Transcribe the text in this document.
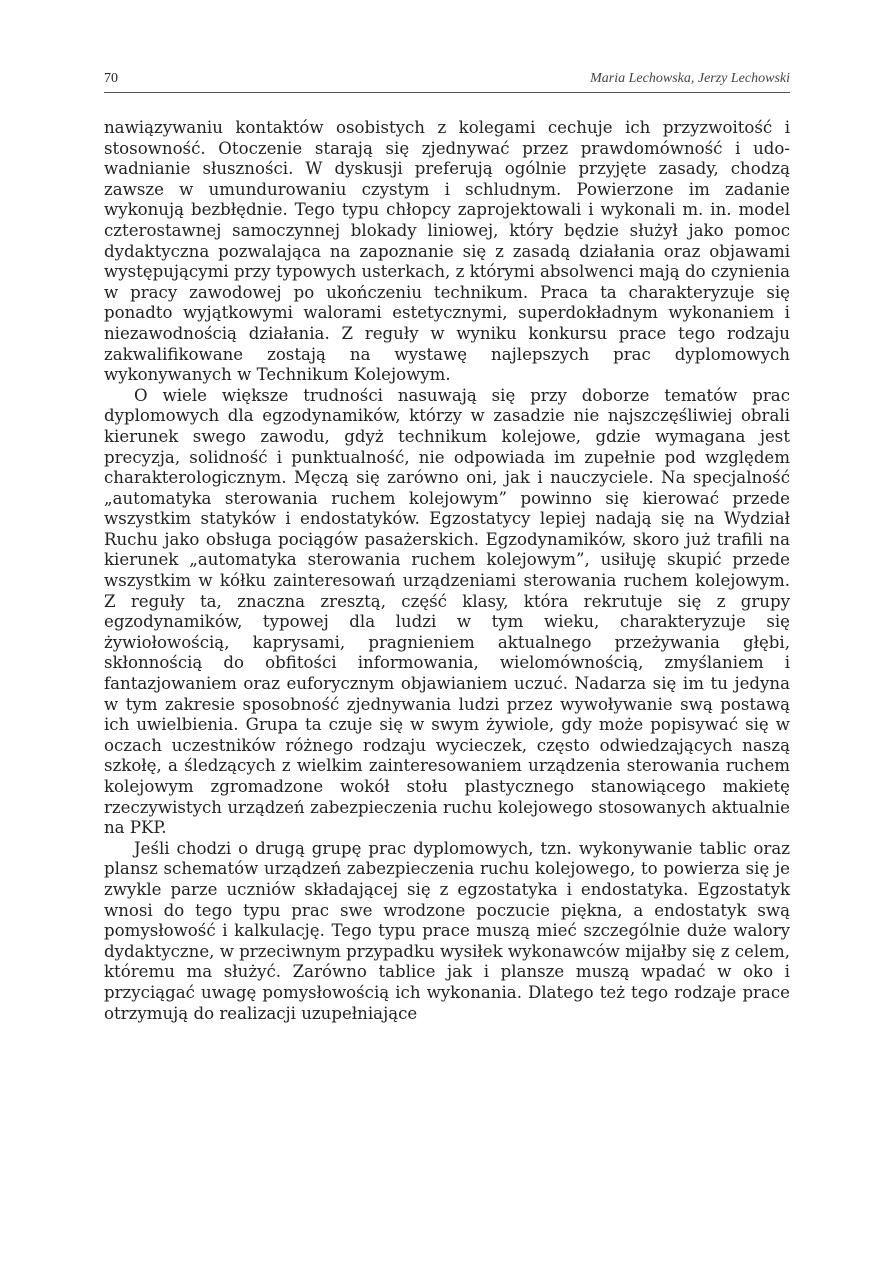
70	Maria Lechowska, Jerzy Lechowski

nawiązywaniu kontaktów osobistych z kolegami cechuje ich przyzwoitość i stosowność. Otoczenie starają się zjednywać przez prawdomówność i udowadnianie słuszności. W dyskusji preferują ogólnie przyjęte zasady, chodzą zawsze w umundurowaniu czystym i schludnym. Powierzone im zadanie wykonują bezbłędnie. Tego typu chłopcy zaprojektowali i wykonali m. in. model czterostawnej samoczynnej blokady liniowej, który będzie służył jako pomoc dydaktyczna pozwalająca na zapoznanie się z zasadą działania oraz objawami występującymi przy typowych usterkach, z którymi absolwenci mają do czynienia w pracy zawodowej po ukończeniu technikum. Praca ta charakteryzuje się ponadto wyjątkowymi walorami estetycznymi, superdokładnym wykonaniem i niezawodnością działania. Z reguły w wyniku konkursu prace tego rodzaju zakwalifikowane zostają na wystawę najlepszych prac dyplomowych wykonywanych w Technikum Kolejowym.

O wiele większe trudności nasuwają się przy doborze tematów prac dyplomowych dla egzodynamików, którzy w zasadzie nie najszczęśliwiej obrali kierunek swego zawodu, gdyż technikum kolejowe, gdzie wymagana jest precyzja, solidność i punktualność, nie odpowiada im zupełnie pod względem charakterologicznym. Męczą się zarówno oni, jak i nauczyciele. Na specjalność „automatyka sterowania ruchem kolejowym” powinno się kierować przede wszystkim statyków i endostatyków. Egzostatycy lepiej nadają się na Wydział Ruchu jako obsługa pociągów pasażerskich. Egzodynamików, skoro już trafili na kierunek „automatyka sterowania ruchem kolejowym”, usiłuję skupić przede wszystkim w kółku zainteresowań urządzeniami sterowania ruchem kolejowym. Z reguły ta, znaczna zresztą, część klasy, która rekrutuje się z grupy egzodynamików, typowej dla ludzi w tym wieku, charakteryzuje się żywiołowością, kaprysami, pragnieniem aktualnego przeżywania głębi, skłonnością do obfitości informowania, wielomównością, zmyślaniem i fantazjowaniem oraz euforycznym objawianiem uczuć. Nadarza się im tu jedyna w tym zakresie sposobność zjednywania ludzi przez wywoływanie swą postawą ich uwielbienia. Grupa ta czuje się w swym żywiole, gdy może popisywać się w oczach uczestników różnego rodzaju wycieczek, często odwiedzających naszą szkołę, a śledzących z wielkim zainteresowaniem urządzenia sterowania ruchem kolejowym zgromadzone wokół stołu plastycznego stanowiącego makietę rzeczywistych urządzeń zabezpieczenia ruchu kolejowego stosowanych aktualnie na PKP.

Jeśli chodzi o drugą grupę prac dyplomowych, tzn. wykonywanie tablic oraz plansz schematów urządzeń zabezpieczenia ruchu kolejowego, to powierza się je zwykle parze uczniów składającej się z egzostatyka i endostatyka. Egzostatyk wnosi do tego typu prac swe wrodzone poczucie piękna, a endostatyk swą pomysłowość i kalkulację. Tego typu prace muszą mieć szczególnie duże walory dydaktyczne, w przeciwnym przypadku wysiłek wykonawców mijałby się z celem, któremu ma służyć. Zarówno tablice jak i plansze muszą wpadać w oko i przyciągać uwagę pomysłowością ich wykonania. Dlatego też tego rodzaje prace otrzymują do realizacji uzupełniające
